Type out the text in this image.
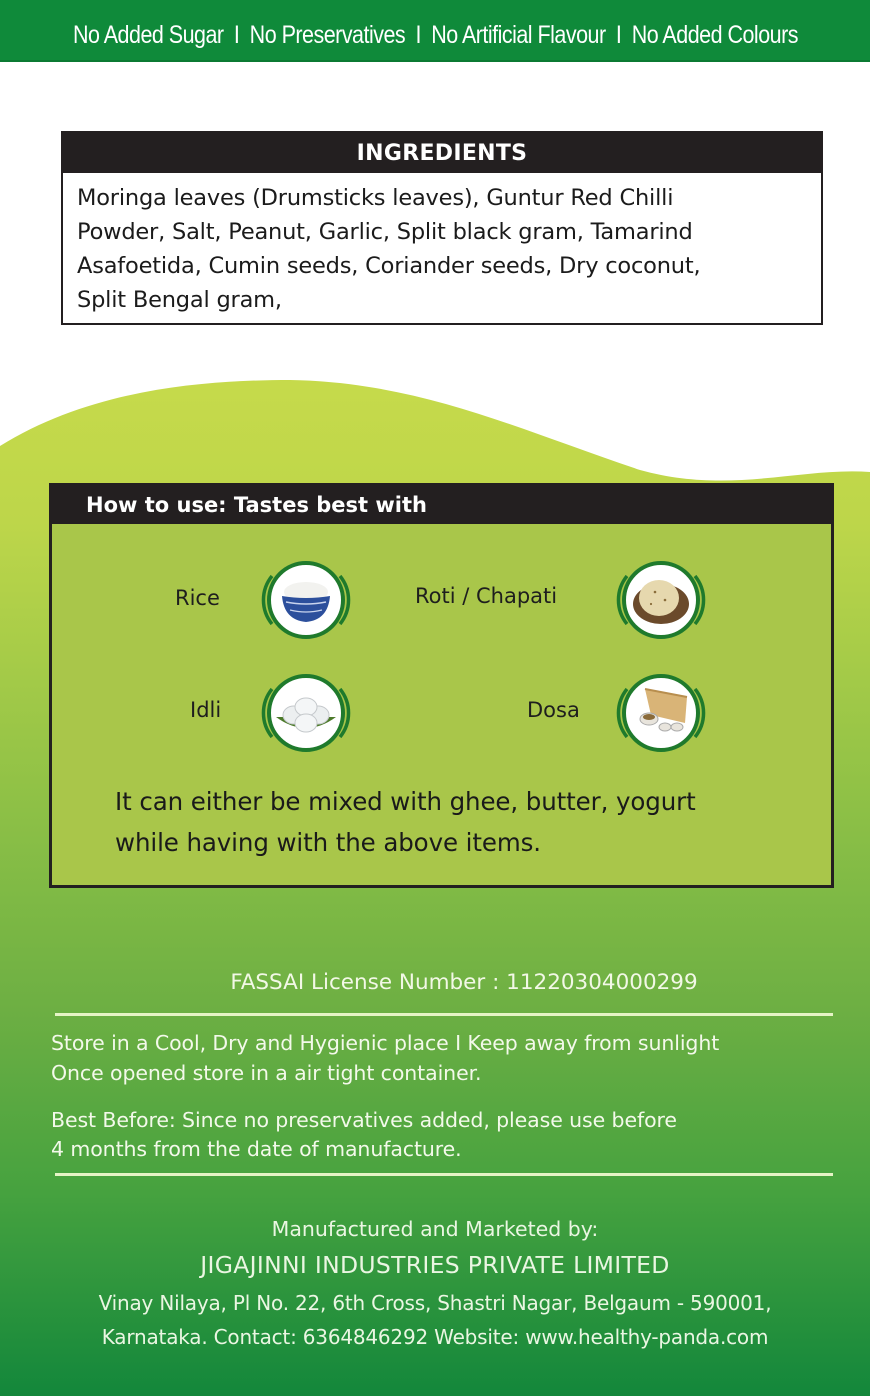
No Added Sugar I No Preservatives I No Artificial Flavour I No Added Colours
INGREDIENTS
Moringa leaves (Drumsticks leaves), Guntur Red Chilli
Powder, Salt, Peanut, Garlic, Split black gram, Tamarind
Asafoetida, Cumin seeds, Coriander seeds, Dry coconut,
Split Bengal gram,
How to use: Tastes best with
Rice	Roti / Chapati
Idli	Dosa
It can either be mixed with ghee, butter, yogurt
while having with the above items.
FASSAI License Number : 11220304000299
Store in a Cool, Dry and Hygienic place I Keep away from sunlight
Once opened store in a air tight container.
Best Before: Since no preservatives added, please use before
4 months from the date of manufacture.
Manufactured and Marketed by:
JIGAJINNI INDUSTRIES PRIVATE LIMITED
Vinay Nilaya, Pl No. 22, 6th Cross, Shastri Nagar, Belgaum - 590001,
Karnataka. Contact: 6364846292 Website: www.healthy-panda.com
